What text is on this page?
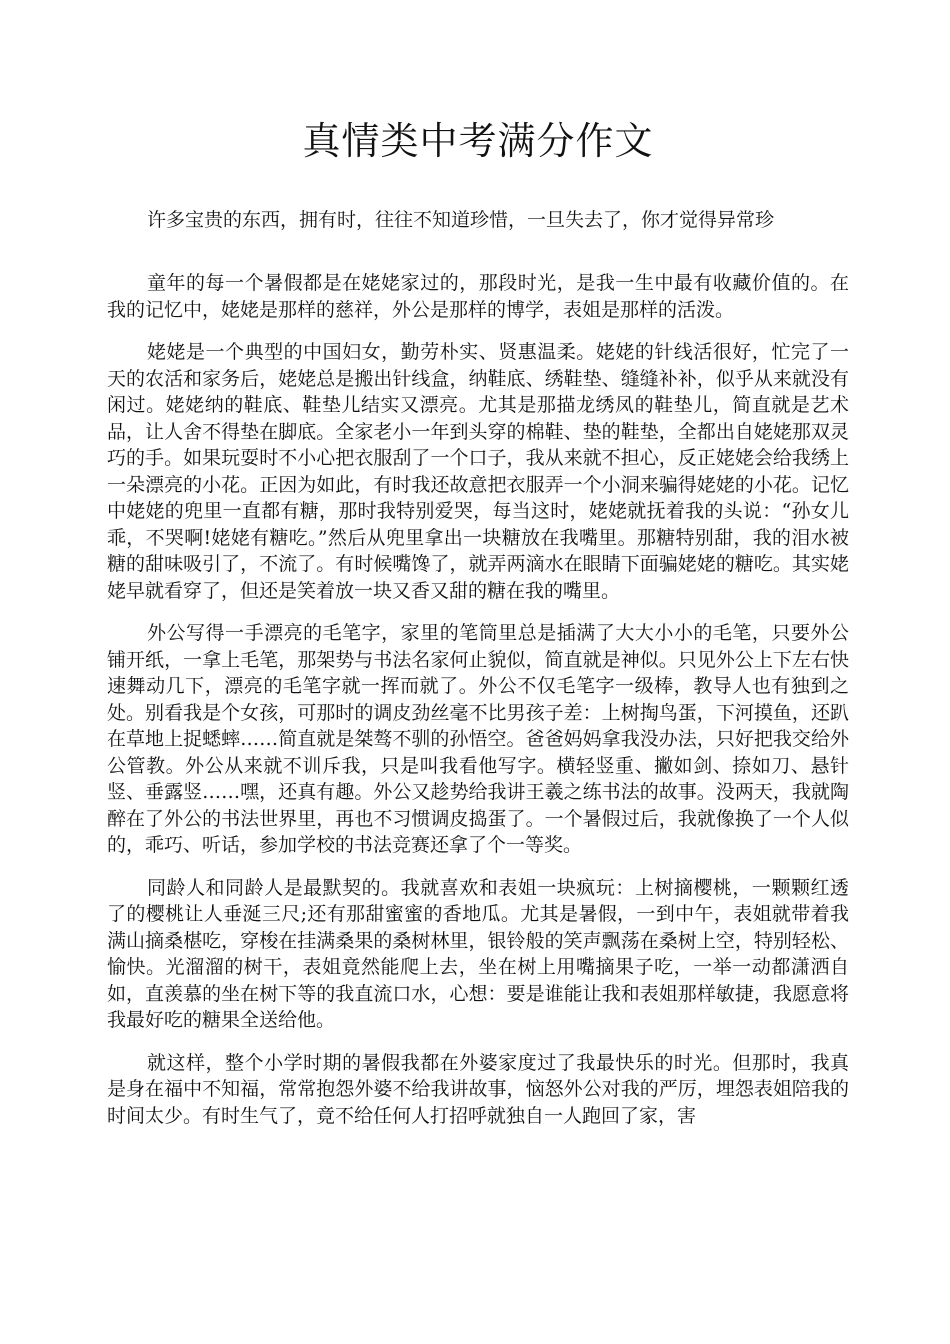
真情类中考满分作文

许多宝贵的东西，拥有时，往往不知道珍惜，一旦失去了，你才觉得异常珍

童年的每一个暑假都是在姥姥家过的，那段时光，是我一生中最有收藏价值的。在我的记忆中，姥姥是那样的慈祥，外公是那样的博学，表姐是那样的活泼。

姥姥是一个典型的中国妇女，勤劳朴实、贤惠温柔。姥姥的针线活很好，忙完了一天的农活和家务后，姥姥总是搬出针线盒，纳鞋底、绣鞋垫、缝缝补补，似乎从来就没有闲过。姥姥纳的鞋底、鞋垫儿结实又漂亮。尤其是那描龙绣凤的鞋垫儿，简直就是艺术品，让人舍不得垫在脚底。全家老小一年到头穿的棉鞋、垫的鞋垫，全都出自姥姥那双灵巧的手。如果玩耍时不小心把衣服刮了一个口子，我从来就不担心，反正姥姥会给我绣上一朵漂亮的小花。正因为如此，有时我还故意把衣服弄一个小洞来骗得姥姥的小花。记忆中姥姥的兜里一直都有糖，那时我特别爱哭，每当这时，姥姥就抚着我的头说：“孙女儿乖，不哭啊!姥姥有糖吃。”然后从兜里拿出一块糖放在我嘴里。那糖特别甜，我的泪水被糖的甜味吸引了，不流了。有时候嘴馋了，就弄两滴水在眼睛下面骗姥姥的糖吃。其实姥姥早就看穿了，但还是笑着放一块又香又甜的糖在我的嘴里。

外公写得一手漂亮的毛笔字，家里的笔筒里总是插满了大大小小的毛笔，只要外公铺开纸，一拿上毛笔，那架势与书法名家何止貌似，简直就是神似。只见外公上下左右快速舞动几下，漂亮的毛笔字就一挥而就了。外公不仅毛笔字一级棒，教导人也有独到之处。别看我是个女孩，可那时的调皮劲丝毫不比男孩子差：上树掏鸟蛋，下河摸鱼，还趴在草地上捉蟋蟀……简直就是桀骜不驯的孙悟空。爸爸妈妈拿我没办法，只好把我交给外公管教。外公从来就不训斥我，只是叫我看他写字。横轻竖重、撇如剑、捺如刀、悬针竖、垂露竖……嘿，还真有趣。外公又趁势给我讲王羲之练书法的故事。没两天，我就陶醉在了外公的书法世界里，再也不习惯调皮捣蛋了。一个暑假过后，我就像换了一个人似的，乖巧、听话，参加学校的书法竞赛还拿了个一等奖。

同龄人和同龄人是最默契的。我就喜欢和表姐一块疯玩：上树摘樱桃，一颗颗红透了的樱桃让人垂涎三尺;还有那甜蜜蜜的香地瓜。尤其是暑假，一到中午，表姐就带着我满山摘桑椹吃，穿梭在挂满桑果的桑树林里，银铃般的笑声飘荡在桑树上空，特别轻松、愉快。光溜溜的树干，表姐竟然能爬上去，坐在树上用嘴摘果子吃，一举一动都潇洒自如，直羡慕的坐在树下等的我直流口水，心想：要是谁能让我和表姐那样敏捷，我愿意将我最好吃的糖果全送给他。

就这样，整个小学时期的暑假我都在外婆家度过了我最快乐的时光。但那时，我真是身在福中不知福，常常抱怨外婆不给我讲故事，恼怒外公对我的严厉，埋怨表姐陪我的时间太少。有时生气了，竟不给任何人打招呼就独自一人跑回了家，害
